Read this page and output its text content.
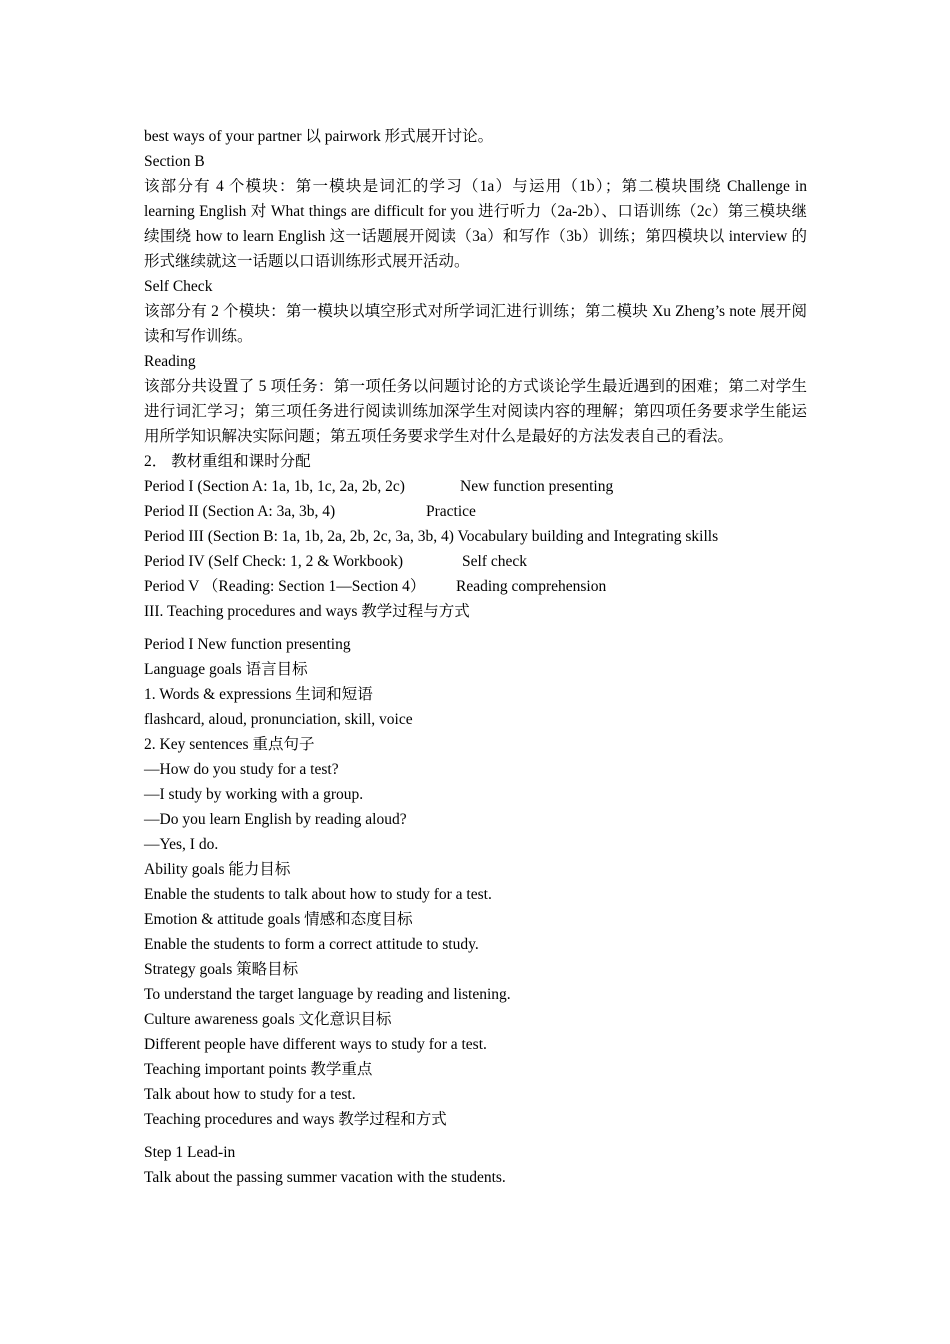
best ways of your partner 以 pairwork 形式展开讨论。
Section B
该部分有 4 个模块：第一模块是词汇的学习（1a）与运用（1b）；第二模块围绕 Challenge in learning English 对 What things are difficult for you 进行听力（2a-2b）、口语训练（2c）第三模块继续围绕 how to learn English 这一话题展开阅读（3a）和写作（3b）训练；第四模块以 interview 的形式继续就这一话题以口语训练形式展开活动。
Self Check
该部分有 2 个模块：第一模块以填空形式对所学词汇进行训练；第二模块 Xu Zheng’s note 展开阅读和写作训练。
Reading
该部分共设置了 5 项任务：第一项任务以问题讨论的方式谈论学生最近遇到的困难；第二对学生进行词汇学习；第三项任务进行阅读训练加深学生对阅读内容的理解；第四项任务要求学生能运用所学知识解决实际问题；第五项任务要求学生对什么是最好的方法发表自己的看法。
2． 教材重组和课时分配
Period I (Section A: 1a, 1b, 1c, 2a, 2b, 2c)	New function presenting
Period II (Section A: 3a, 3b, 4)	Practice
Period III (Section B: 1a, 1b, 2a, 2b, 2c, 3a, 3b, 4) Vocabulary building and Integrating skills
Period IV (Self Check: 1, 2 & Workbook)	Self check
Period V （Reading: Section 1—Section 4）	Reading comprehension
III. Teaching procedures and ways 教学过程与方式
Period I New function presenting
Language goals 语言目标
1. Words & expressions 生词和短语
flashcard, aloud, pronunciation, skill, voice
2. Key sentences 重点句子
—How do you study for a test?
—I study by working with a group.
—Do you learn English by reading aloud?
—Yes, I do.
Ability goals 能力目标
Enable the students to talk about how to study for a test.
Emotion & attitude goals 情感和态度目标
Enable the students to form a correct attitude to study.
Strategy goals 策略目标
To understand the target language by reading and listening.
Culture awareness goals 文化意识目标
Different people have different ways to study for a test.
Teaching important points 教学重点
Talk about how to study for a test.
Teaching procedures and ways 教学过程和方式
Step 1 Lead-in
Talk about the passing summer vacation with the students.
